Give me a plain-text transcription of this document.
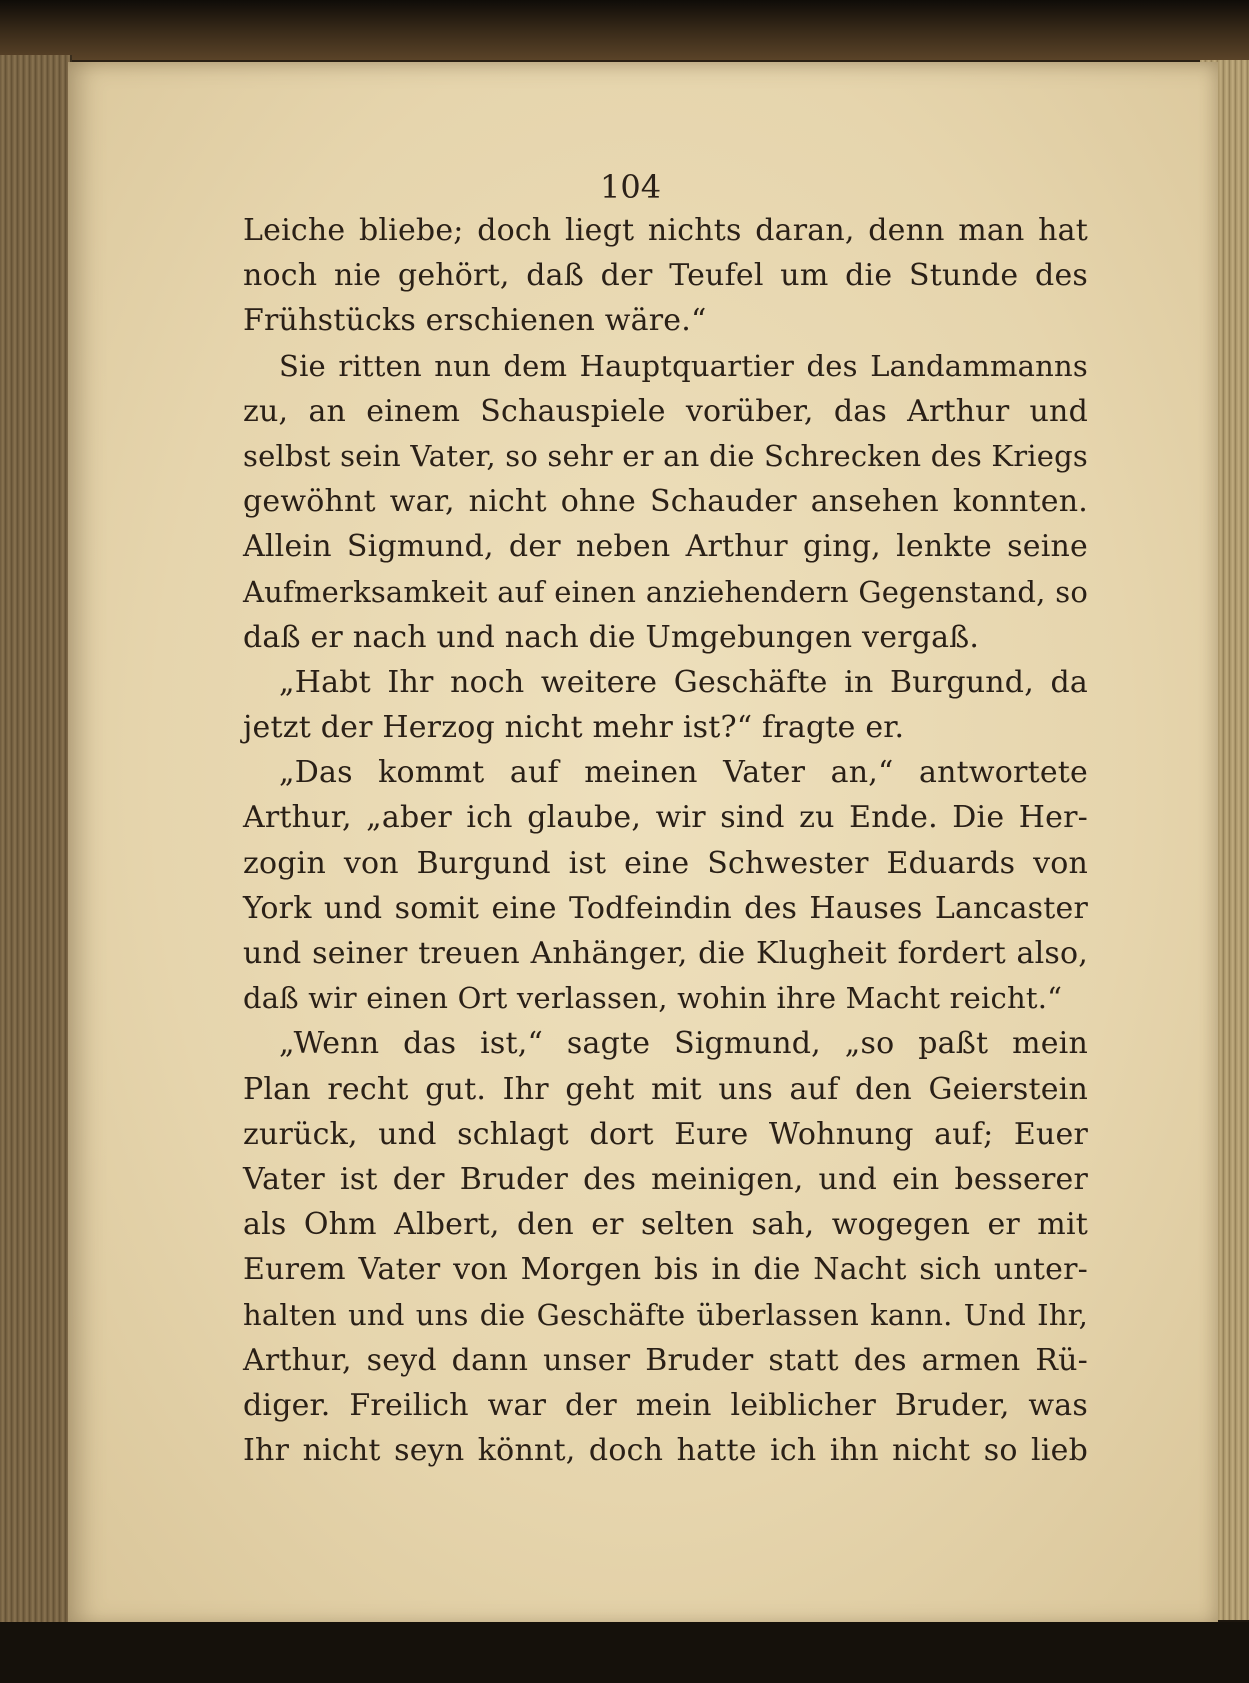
104
Leiche bliebe; doch liegt nichts daran, denn man hat
noch nie gehört, daß der Teufel um die Stunde des
Frühstücks erschienen wäre.“
Sie ritten nun dem Hauptquartier des Landammanns
zu, an einem Schauspiele vorüber, das Arthur und
selbst sein Vater, so sehr er an die Schrecken des Kriegs
gewöhnt war, nicht ohne Schauder ansehen konnten.
Allein Sigmund, der neben Arthur ging, lenkte seine
Aufmerksamkeit auf einen anziehendern Gegenstand, so
daß er nach und nach die Umgebungen vergaß.
„Habt Ihr noch weitere Geschäfte in Burgund, da
jetzt der Herzog nicht mehr ist?“ fragte er.
„Das kommt auf meinen Vater an,“ antwortete
Arthur, „aber ich glaube, wir sind zu Ende. Die Her-
zogin von Burgund ist eine Schwester Eduards von
York und somit eine Todfeindin des Hauses Lancaster
und seiner treuen Anhänger, die Klugheit fordert also,
daß wir einen Ort verlassen, wohin ihre Macht reicht.“
„Wenn das ist,“ sagte Sigmund, „so paßt mein
Plan recht gut. Ihr geht mit uns auf den Geierstein
zurück, und schlagt dort Eure Wohnung auf; Euer
Vater ist der Bruder des meinigen, und ein besserer
als Ohm Albert, den er selten sah, wogegen er mit
Eurem Vater von Morgen bis in die Nacht sich unter-
halten und uns die Geschäfte überlassen kann. Und Ihr,
Arthur, seyd dann unser Bruder statt des armen Rü-
diger. Freilich war der mein leiblicher Bruder, was
Ihr nicht seyn könnt, doch hatte ich ihn nicht so lieb
